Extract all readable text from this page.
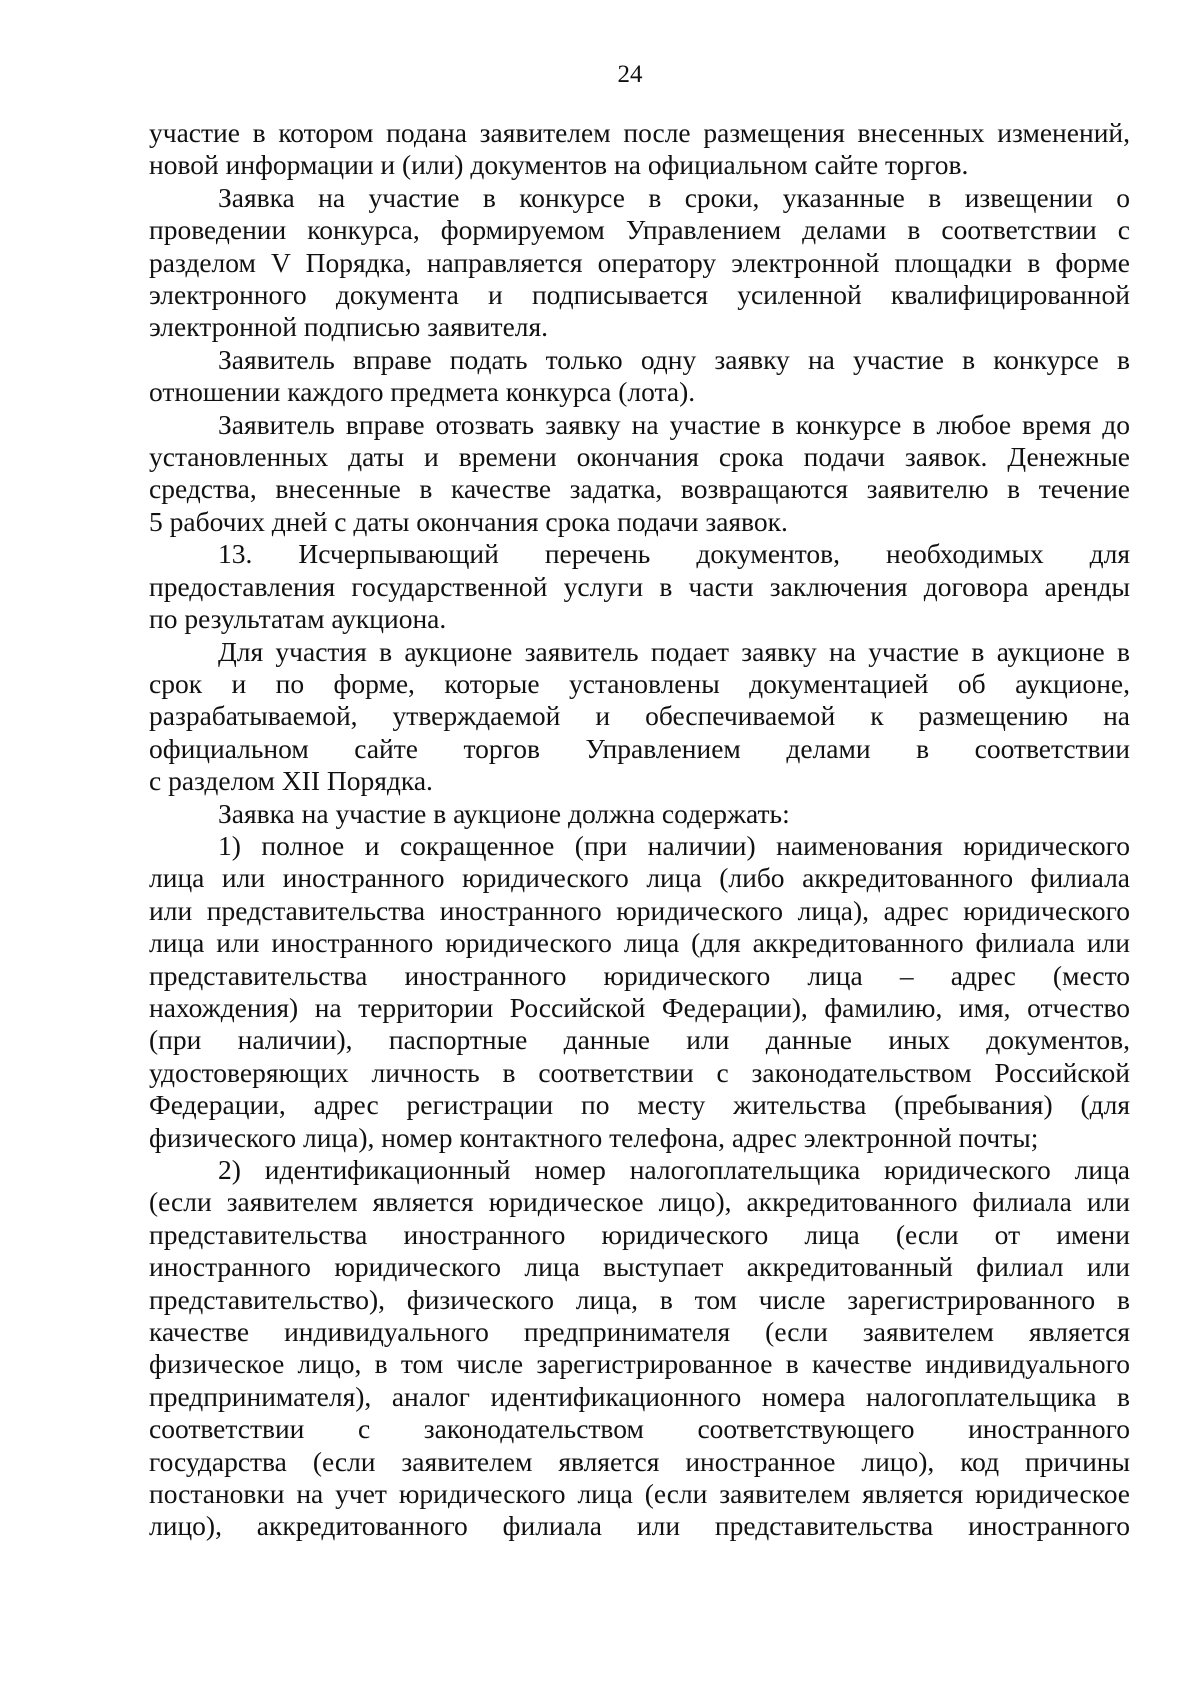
24

участие в котором подана заявителем после размещения внесенных изменений,
новой информации и (или) документов на официальном сайте торгов.

Заявка на участие в конкурсе в сроки, указанные в извещении о
проведении конкурса, формируемом Управлением делами в соответствии с
разделом V Порядка, направляется оператору электронной площадки в форме
электронного документа и подписывается усиленной квалифицированной
электронной подписью заявителя.

Заявитель вправе подать только одну заявку на участие в конкурсе в
отношении каждого предмета конкурса (лота).

Заявитель вправе отозвать заявку на участие в конкурсе в любое время до
установленных даты и времени окончания срока подачи заявок. Денежные
средства, внесенные в качестве задатка, возвращаются заявителю в течение
5 рабочих дней с даты окончания срока подачи заявок.

13. Исчерпывающий перечень документов, необходимых для
предоставления государственной услуги в части заключения договора аренды
по результатам аукциона.

Для участия в аукционе заявитель подает заявку на участие в аукционе в
срок и по форме, которые установлены документацией об аукционе,
разрабатываемой, утверждаемой и обеспечиваемой к размещению на
официальном сайте торгов Управлением делами в соответствии
с разделом XII Порядка.

Заявка на участие в аукционе должна содержать:

1) полное и сокращенное (при наличии) наименования юридического
лица или иностранного юридического лица (либо аккредитованного филиала
или представительства иностранного юридического лица), адрес юридического
лица или иностранного юридического лица (для аккредитованного филиала или
представительства иностранного юридического лица – адрес (место
нахождения) на территории Российской Федерации), фамилию, имя, отчество
(при наличии), паспортные данные или данные иных документов,
удостоверяющих личность в соответствии с законодательством Российской
Федерации, адрес регистрации по месту жительства (пребывания) (для
физического лица), номер контактного телефона, адрес электронной почты;

2) идентификационный номер налогоплательщика юридического лица
(если заявителем является юридическое лицо), аккредитованного филиала или
представительства иностранного юридического лица (если от имени
иностранного юридического лица выступает аккредитованный филиал или
представительство), физического лица, в том числе зарегистрированного в
качестве индивидуального предпринимателя (если заявителем является
физическое лицо, в том числе зарегистрированное в качестве индивидуального
предпринимателя), аналог идентификационного номера налогоплательщика в
соответствии с законодательством соответствующего иностранного
государства (если заявителем является иностранное лицо), код причины
постановки на учет юридического лица (если заявителем является юридическое
лицо), аккредитованного филиала или представительства иностранного
